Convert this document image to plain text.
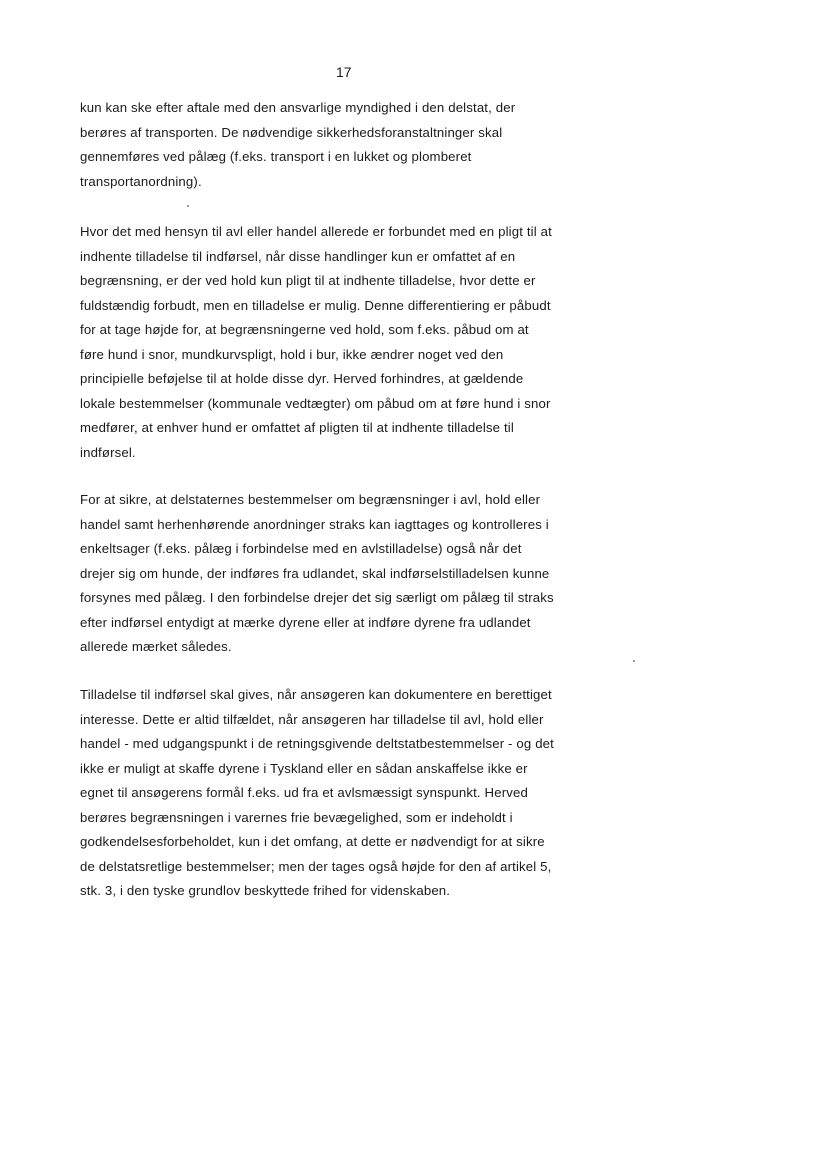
17
kun kan ske efter aftale med den ansvarlige myndighed i den delstat, der
berøres af transporten. De nødvendige sikkerhedsforanstaltninger skal
gennemføres ved pålæg (f.eks. transport i en lukket og plomberet
transportanordning).
Hvor det med hensyn til avl eller handel allerede er forbundet med en pligt til at
indhente tilladelse til indførsel, når disse handlinger kun er omfattet af en
begrænsning, er der ved hold kun pligt til at indhente tilladelse, hvor dette er
fuldstændig forbudt, men en tilladelse er mulig. Denne differentiering er påbudt
for at tage højde for, at begrænsningerne ved hold, som f.eks. påbud om at
føre hund i snor, mundkurvspligt, hold i bur, ikke ændrer noget ved den
principielle beføjelse til at holde disse dyr. Herved forhindres, at gældende
lokale bestemmelser (kommunale vedtægter) om påbud om at føre hund i snor
medfører, at enhver hund er omfattet af pligten til at indhente tilladelse til
indførsel.
For at sikre, at delstaternes bestemmelser om begrænsninger i avl, hold eller
handel samt herhenhørende anordninger straks kan iagttages og kontrolleres i
enkeltsager (f.eks. pålæg i forbindelse med en avlstilladelse) også når det
drejer sig om hunde, der indføres fra udlandet, skal indførselstilladelsen kunne
forsynes med pålæg. I den forbindelse drejer det sig særligt om pålæg til straks
efter indførsel entydigt at mærke dyrene eller at indføre dyrene fra udlandet
allerede mærket således.
Tilladelse til indførsel skal gives, når ansøgeren kan dokumentere en berettiget
interesse. Dette er altid tilfældet, når ansøgeren har tilladelse til avl, hold eller
handel - med udgangspunkt i de retningsgivende deltstatbestemmelser - og det
ikke er muligt at skaffe dyrene i Tyskland eller en sådan anskaffelse ikke er
egnet til ansøgerens formål f.eks. ud fra et avlsmæssigt synspunkt. Herved
berøres begrænsningen i varernes frie bevægelighed, som er indeholdt i
godkendelsesforbeholdet, kun i det omfang, at dette er nødvendigt for at sikre
de delstatsretlige bestemmelser; men der tages også højde for den af artikel 5,
stk. 3, i den tyske grundlov beskyttede frihed for videnskaben.
